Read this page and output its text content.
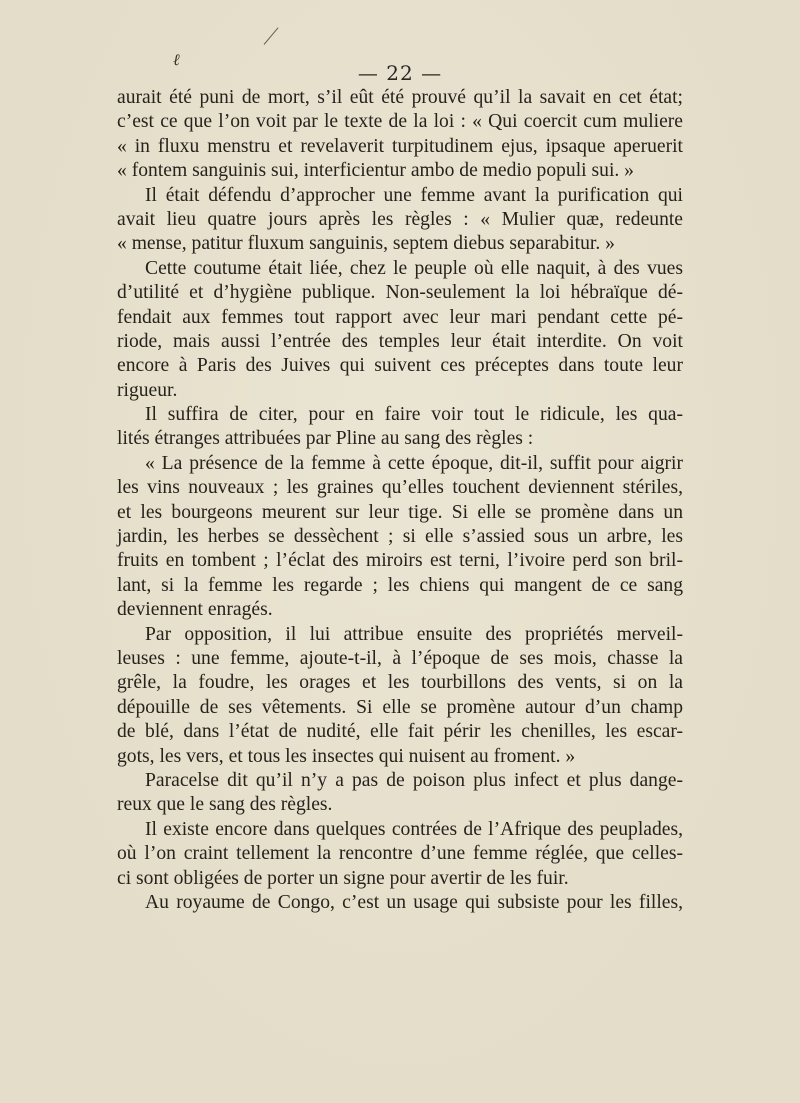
ℓ
— 22 —
aurait été puni de mort, s’il eût été prouvé qu’il la savait en cet état;
c’est ce que l’on voit par le texte de la loi : « Qui coercit cum muliere
« in fluxu menstru et revelaverit turpitudinem ejus, ipsaque aperuerit
« fontem sanguinis sui, interficientur ambo de medio populi sui. »
Il était défendu d’approcher une femme avant la purification qui
avait lieu quatre jours après les règles : « Mulier quæ, redeunte
« mense, patitur fluxum sanguinis, septem diebus separabitur. »
Cette coutume était liée, chez le peuple où elle naquit, à des vues
d’utilité et d’hygiène publique. Non-seulement la loi hébraïque dé-
fendait aux femmes tout rapport avec leur mari pendant cette pé-
riode, mais aussi l’entrée des temples leur était interdite. On voit
encore à Paris des Juives qui suivent ces préceptes dans toute leur
rigueur.
Il suffira de citer, pour en faire voir tout le ridicule, les qua-
lités étranges attribuées par Pline au sang des règles :
« La présence de la femme à cette époque, dit-il, suffit pour aigrir
les vins nouveaux ; les graines qu’elles touchent deviennent stériles,
et les bourgeons meurent sur leur tige. Si elle se promène dans un
jardin, les herbes se dessèchent ; si elle s’assied sous un arbre, les
fruits en tombent ; l’éclat des miroirs est terni, l’ivoire perd son bril-
lant, si la femme les regarde ; les chiens qui mangent de ce sang
deviennent enragés.
Par opposition, il lui attribue ensuite des propriétés merveil-
leuses : une femme, ajoute-t-il, à l’époque de ses mois, chasse la
grêle, la foudre, les orages et les tourbillons des vents, si on la
dépouille de ses vêtements. Si elle se promène autour d’un champ
de blé, dans l’état de nudité, elle fait périr les chenilles, les escar-
gots, les vers, et tous les insectes qui nuisent au froment. »
Paracelse dit qu’il n’y a pas de poison plus infect et plus dange-
reux que le sang des règles.
Il existe encore dans quelques contrées de l’Afrique des peuplades,
où l’on craint tellement la rencontre d’une femme réglée, que celles-
ci sont obligées de porter un signe pour avertir de les fuir.
Au royaume de Congo, c’est un usage qui subsiste pour les filles,
